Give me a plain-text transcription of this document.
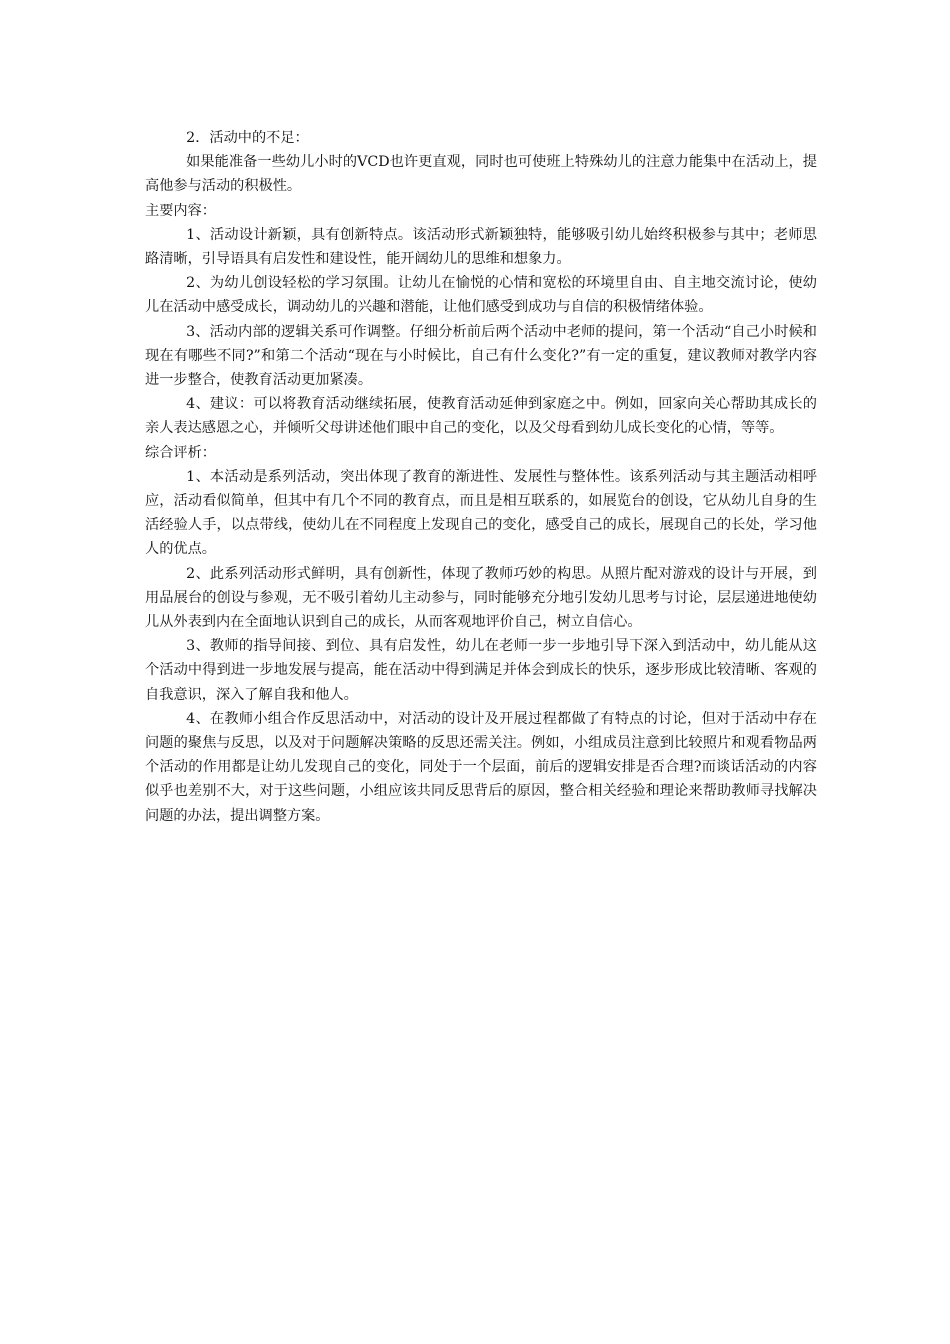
2．活动中的不足：

如果能准备一些幼儿小时的VCD也许更直观，同时也可使班上特殊幼儿的注意力能集中在活动上，提高他参与活动的积极性。

主要内容：

1、活动设计新颖，具有创新特点。该活动形式新颖独特，能够吸引幼儿始终积极参与其中；老师思路清晰，引导语具有启发性和建设性，能开阔幼儿的思维和想象力。

2、为幼儿创设轻松的学习氛围。让幼儿在愉悦的心情和宽松的环境里自由、自主地交流讨论，使幼儿在活动中感受成长，调动幼儿的兴趣和潜能，让他们感受到成功与自信的积极情绪体验。

3、活动内部的逻辑关系可作调整。仔细分析前后两个活动中老师的提问，第一个活动“自己小时候和现在有哪些不同?”和第二个活动“现在与小时候比，自己有什么变化?”有一定的重复，建议教师对教学内容进一步整合，使教育活动更加紧凑。

4、建议：可以将教育活动继续拓展，使教育活动延伸到家庭之中。例如，回家向关心帮助其成长的亲人表达感恩之心，并倾听父母讲述他们眼中自己的变化，以及父母看到幼儿成长变化的心情，等等。

综合评析：

1、本活动是系列活动，突出体现了教育的渐进性、发展性与整体性。该系列活动与其主题活动相呼应，活动看似简单，但其中有几个不同的教育点，而且是相互联系的，如展览台的创设，它从幼儿自身的生活经验人手，以点带线，使幼儿在不同程度上发现自己的变化，感受自己的成长，展现自己的长处，学习他人的优点。

2、此系列活动形式鲜明，具有创新性，体现了教师巧妙的构思。从照片配对游戏的设计与开展，到用品展台的创设与参观，无不吸引着幼儿主动参与，同时能够充分地引发幼儿思考与讨论，层层递进地使幼儿从外表到内在全面地认识到自己的成长，从而客观地评价自己，树立自信心。

3、教师的指导间接、到位、具有启发性，幼儿在老师一步一步地引导下深入到活动中，幼儿能从这个活动中得到进一步地发展与提高，能在活动中得到满足并体会到成长的快乐，逐步形成比较清晰、客观的自我意识，深入了解自我和他人。

4、在教师小组合作反思活动中，对活动的设计及开展过程都做了有特点的讨论，但对于活动中存在问题的聚焦与反思，以及对于问题解决策略的反思还需关注。例如，小组成员注意到比较照片和观看物品两个活动的作用都是让幼儿发现自己的变化，同处于一个层面，前后的逻辑安排是否合理?而谈话活动的内容似乎也差别不大，对于这些问题，小组应该共同反思背后的原因，整合相关经验和理论来帮助教师寻找解决问题的办法，提出调整方案。
